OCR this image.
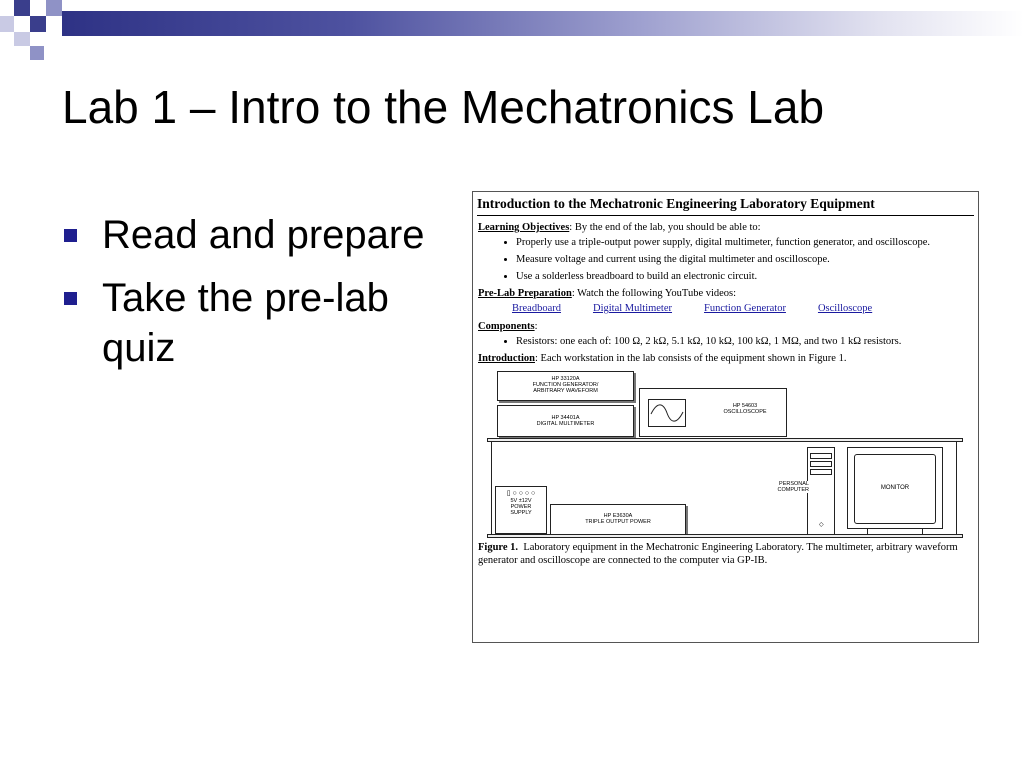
Lab 1 – Intro to the Mechatronics Lab
Read and prepare
Take the pre-lab quiz
Introduction to the Mechatronic Engineering Laboratory Equipment

Learning Objectives: By the end of the lab, you should be able to:

• Properly use a triple-output power supply, digital multimeter, function generator, and oscilloscope.
• Measure voltage and current using the digital multimeter and oscilloscope.
• Use a solderless breadboard to build an electronic circuit.

Pre-Lab Preparation: Watch the following YouTube videos:

Breadboard	Digital Multimeter	Function Generator	Oscilloscope

Components:

• Resistors: one each of: 100 Ω, 2 kΩ, 5.1 kΩ, 10 kΩ, 100 kΩ, 1 MΩ, and two 1 kΩ resistors.

Introduction: Each workstation in the lab consists of the equipment shown in Figure 1.

HP 33120A
FUNCTION GENERATOR/
ARBITRARY WAVEFORM
HP 34401A
DIGITAL MULTIMETER
HP 54603
OSCILLOSCOPE
▯ ○ ○ ○ ○
5V ±12V
POWER
SUPPLY	HP E3630A
TRIPLE OUTPUT POWER	◇
PERSONAL
COMPUTER	MONITOR

Figure 1. Laboratory equipment in the Mechatronic Engineering Laboratory. The multimeter, arbitrary waveform generator and oscilloscope are connected to the computer via GP-IB.
